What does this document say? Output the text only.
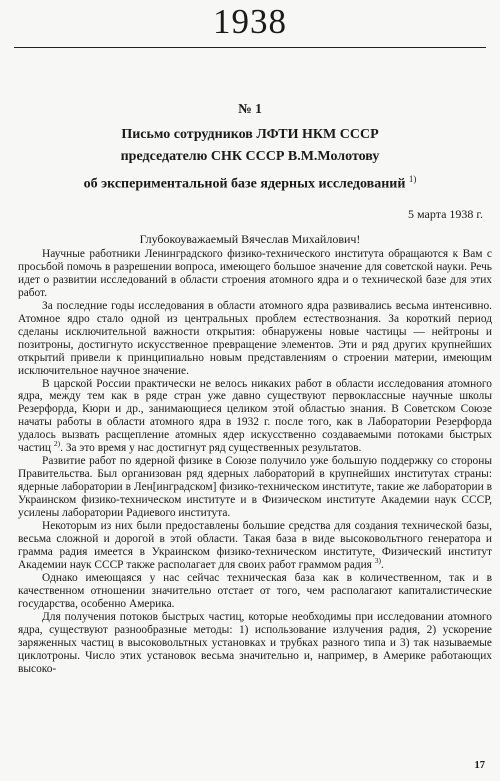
1938
№ 1
Письмо сотрудников ЛФТИ НКМ СССР
председателю СНК СССР В.М.Молотову
об экспериментальной базе ядерных исследований $^{1)}$
5 марта 1938 г.
Глубокоуважаемый Вячеслав Михайлович!

Научные работники Ленинградского физико-технического института обращаются к Вам с просьбой помочь в разрешении вопроса, имеющего большое значение для советской науки. Речь идет о развитии исследований в области строения атомного ядра и о технической базе для этих работ.

За последние годы исследования в области атомного ядра развивались весьма интенсивно. Атомное ядро стало одной из центральных проблем естествознания. За короткий период сделаны исключительной важности открытия: обнаружены новые частицы — нейтроны и позитроны, достигнуто искусственное превращение элементов. Эти и ряд других крупнейших открытий привели к принципиально новым представлениям о строении материи, имеющим исключительное научное значение.

В царской России практически не велось никаких работ в области исследования атомного ядра, между тем как в ряде стран уже давно существуют первоклассные научные школы Резерфорда, Кюри и др., занимающиеся целиком этой областью знания. В Советском Союзе начаты работы в области атомного ядра в 1932 г. после того, как в Лаборатории Резерфорда удалось вызвать расщепление атомных ядер искусственно создаваемыми потоками быстрых частиц $^{2)}$. За это время у нас достигнут ряд существенных результатов.

Развитие работ по ядерной физике в Союзе получило уже большую поддержку со стороны Правительства. Был организован ряд ядерных лабораторий в крупнейших институтах страны: ядерные лаборатории в Лен[инградском] физико-техническом институте, такие же лаборатории в Украинском физико-техническом институте и в Физическом институте Академии наук СССР, усилены лаборатории Радиевого института.

Некоторым из них были предоставлены большие средства для создания технической базы, весьма сложной и дорогой в этой области. Такая база в виде высоковольтного генератора и грамма радия имеется в Украинском физико-техническом институте, Физический институт Академии наук СССР также располагает для своих работ граммом радия $^{3)}$.

Однако имеющаяся у нас сейчас техническая база как в количественном, так и в качественном отношении значительно отстает от того, чем располагают капиталистические государства, особенно Америка.

Для получения потоков быстрых частиц, которые необходимы при исследовании атомного ядра, существуют разнообразные методы: 1) использование излучения радия, 2) ускорение заряженных частиц в высоковольтных установках и трубках разного типа и 3) так называемые циклотроны. Число этих установок весьма значительно и, например, в Америке работающих высоко-

17
